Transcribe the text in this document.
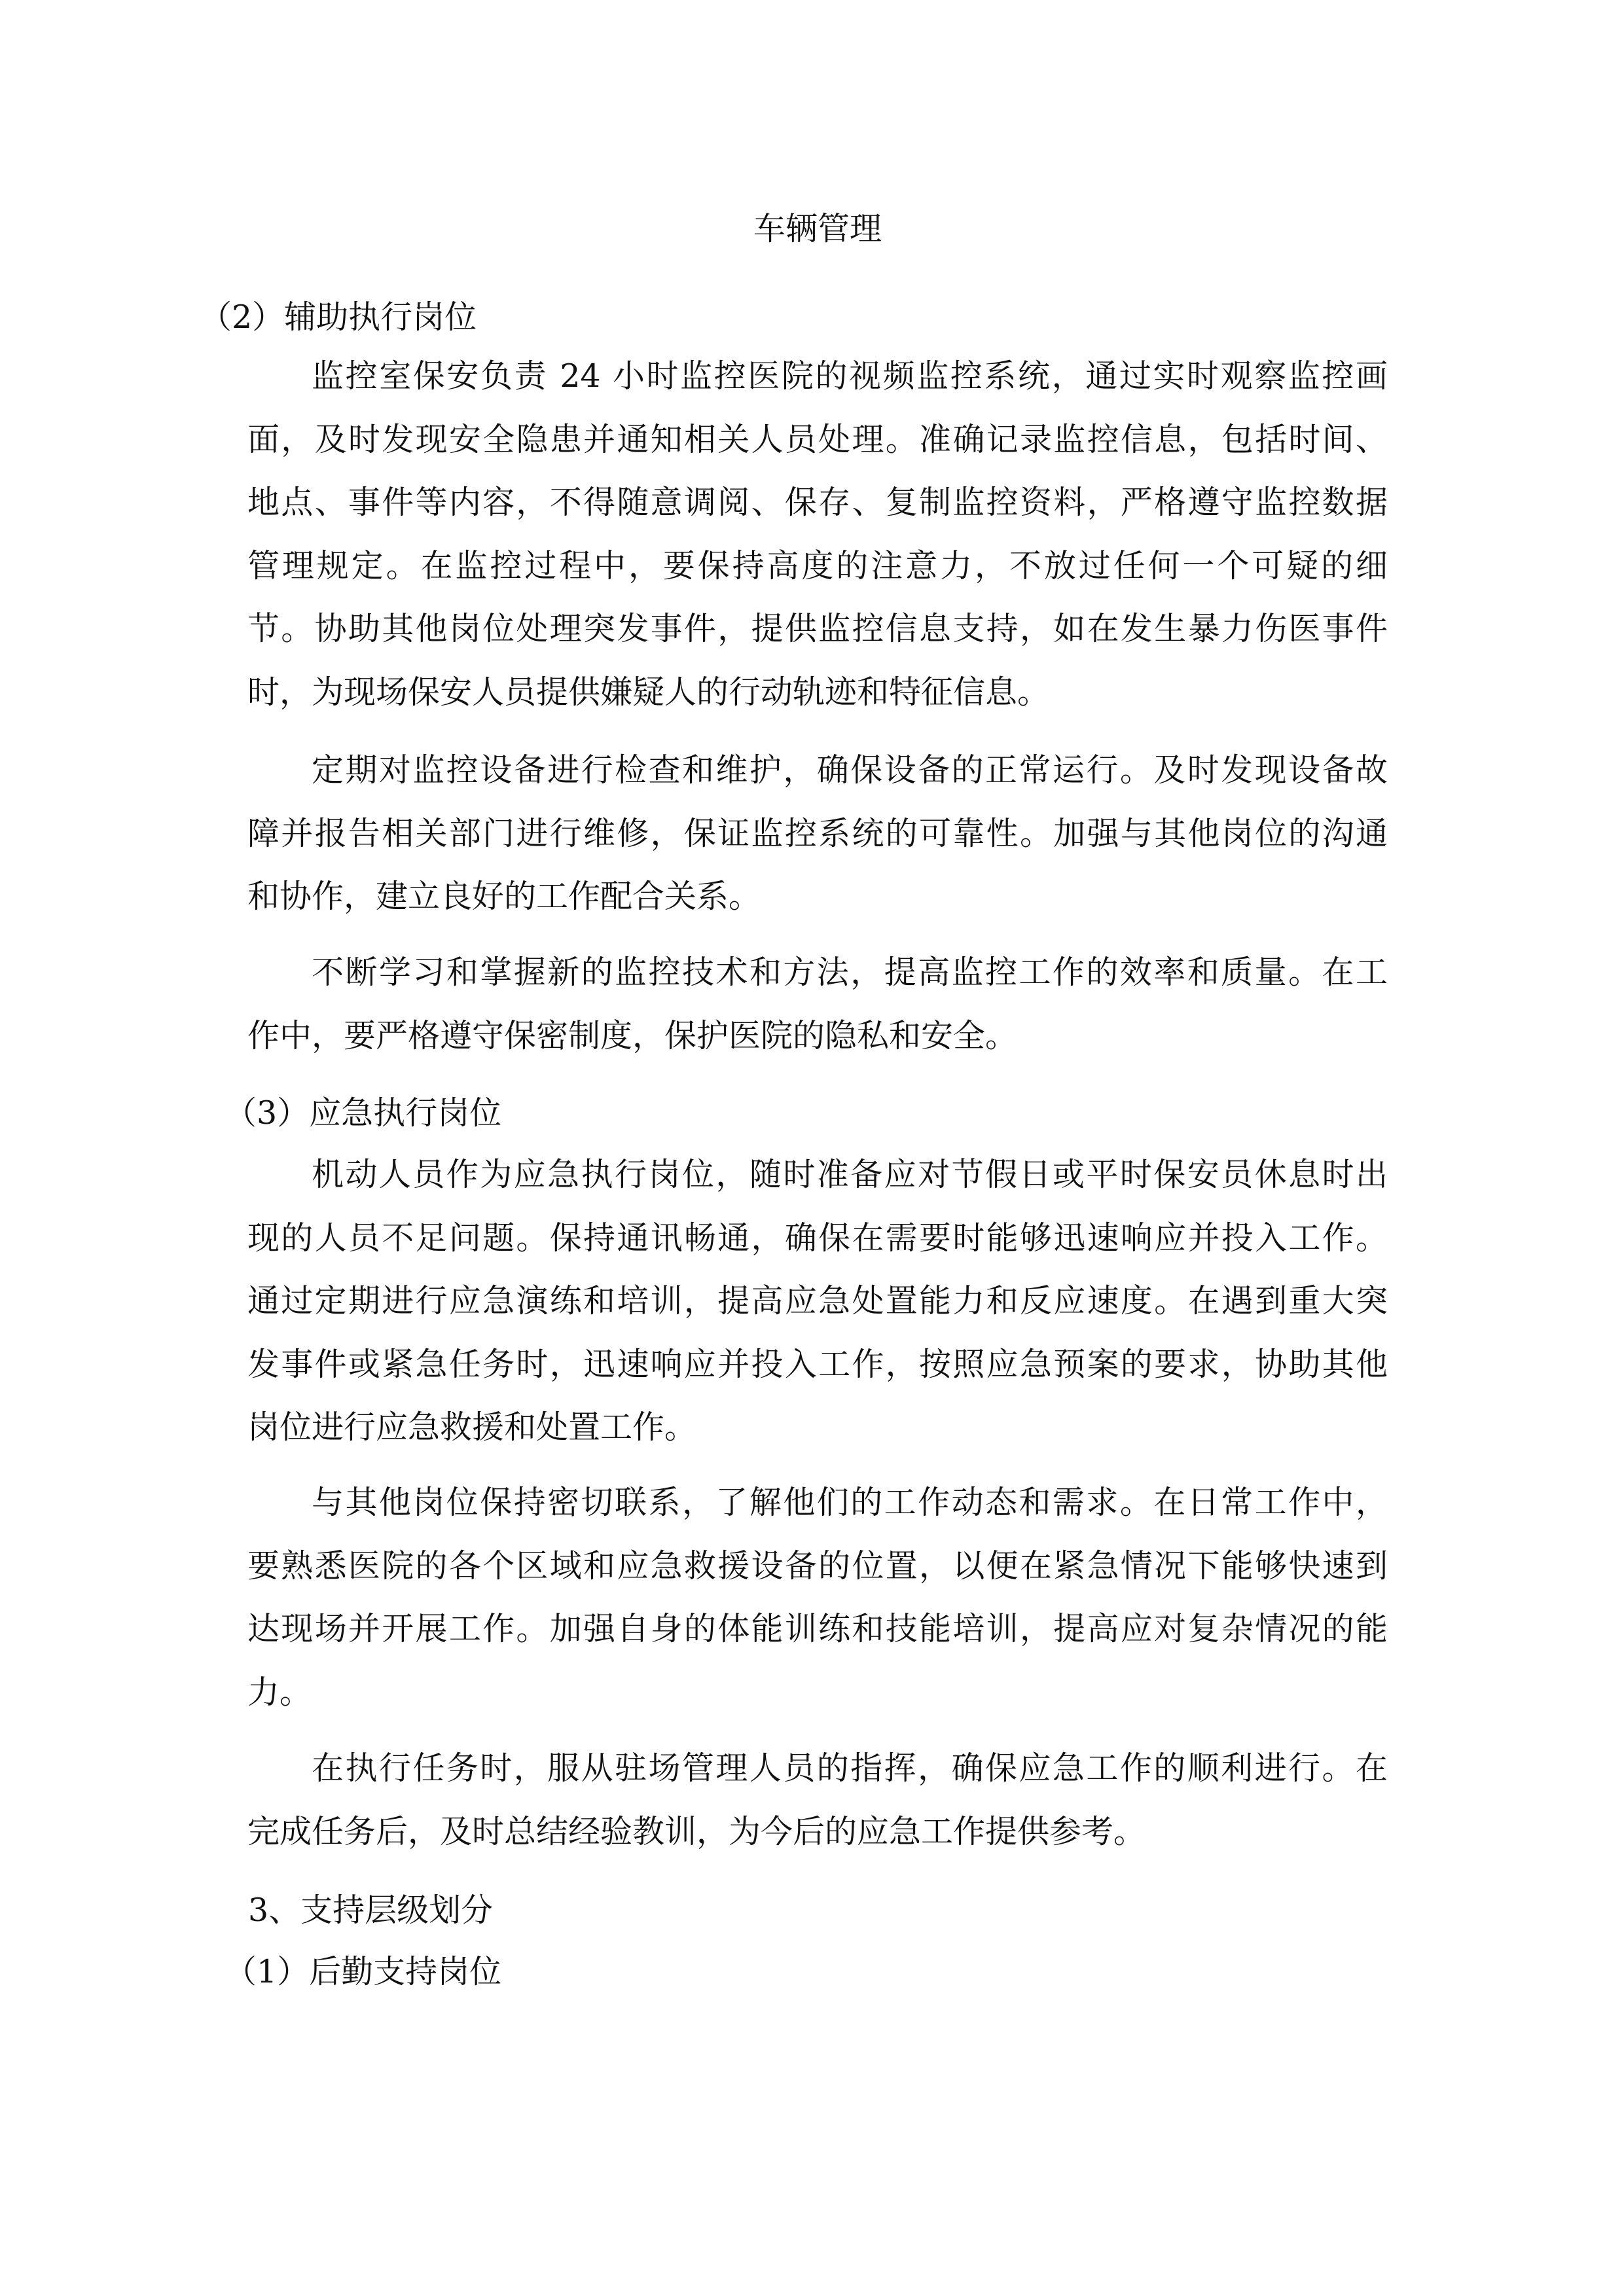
车辆管理
（2）辅助执行岗位
监控室保安负责 24 小时监控医院的视频监控系统，通过实时观察监控画
面，及时发现安全隐患并通知相关人员处理。准确记录监控信息，包括时间、
地点、事件等内容，不得随意调阅、保存、复制监控资料，严格遵守监控数据
管理规定。在监控过程中，要保持高度的注意力，不放过任何一个可疑的细
节。协助其他岗位处理突发事件，提供监控信息支持，如在发生暴力伤医事件
时，为现场保安人员提供嫌疑人的行动轨迹和特征信息。
定期对监控设备进行检查和维护，确保设备的正常运行。及时发现设备故
障并报告相关部门进行维修，保证监控系统的可靠性。加强与其他岗位的沟通
和协作，建立良好的工作配合关系。
不断学习和掌握新的监控技术和方法，提高监控工作的效率和质量。在工
作中，要严格遵守保密制度，保护医院的隐私和安全。
（3）应急执行岗位
机动人员作为应急执行岗位，随时准备应对节假日或平时保安员休息时出
现的人员不足问题。保持通讯畅通，确保在需要时能够迅速响应并投入工作。
通过定期进行应急演练和培训，提高应急处置能力和反应速度。在遇到重大突
发事件或紧急任务时，迅速响应并投入工作，按照应急预案的要求，协助其他
岗位进行应急救援和处置工作。
与其他岗位保持密切联系，了解他们的工作动态和需求。在日常工作中，
要熟悉医院的各个区域和应急救援设备的位置，以便在紧急情况下能够快速到
达现场并开展工作。加强自身的体能训练和技能培训，提高应对复杂情况的能
力。
在执行任务时，服从驻场管理人员的指挥，确保应急工作的顺利进行。在
完成任务后，及时总结经验教训，为今后的应急工作提供参考。
3、支持层级划分
（1）后勤支持岗位
